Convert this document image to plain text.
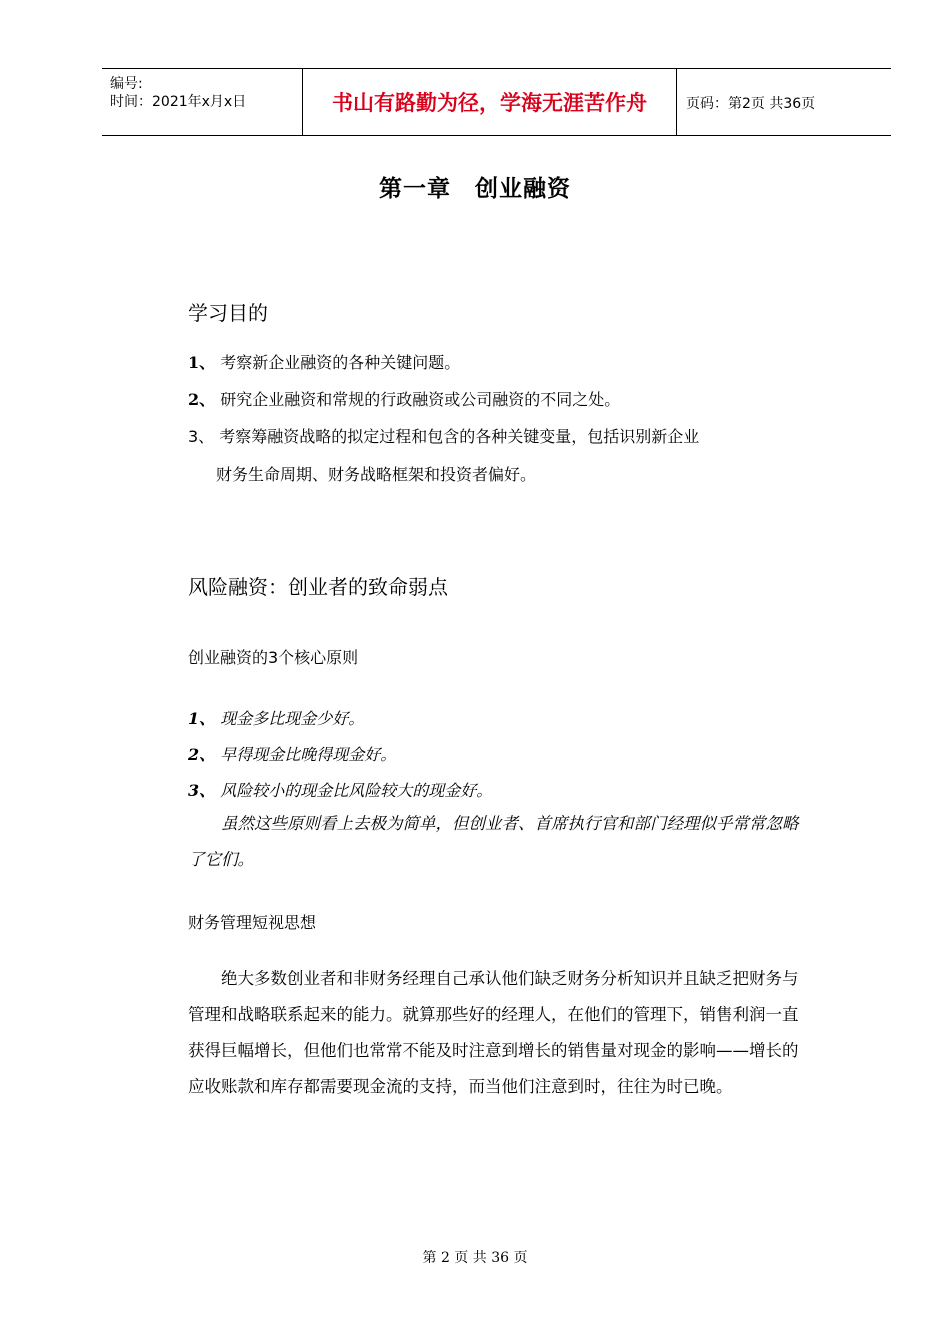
编号:
时间：2021年x月x日	书山有路勤为径，学海无涯苦作舟	页码：第2页 共36页
第一章　创业融资
学习目的
1、 考察新企业融资的各种关键问题。
2、 研究企业融资和常规的行政融资或公司融资的不同之处。
3、 考察筹融资战略的拟定过程和包含的各种关键变量，包括识别新企业
财务生命周期、财务战略框架和投资者偏好。
风险融资：创业者的致命弱点
创业融资的3个核心原则
1、 现金多比现金少好。
2、 早得现金比晚得现金好。
3、 风险较小的现金比风险较大的现金好。
虽然这些原则看上去极为简单，但创业者、首席执行官和部门经理似乎常常忽略了它们。
财务管理短视思想
绝大多数创业者和非财务经理自己承认他们缺乏财务分析知识并且缺乏把财务与管理和战略联系起来的能力。就算那些好的经理人，在他们的管理下，销售利润一直获得巨幅增长，但他们也常常不能及时注意到增长的销售量对现金的影响——增长的应收账款和库存都需要现金流的支持，而当他们注意到时，往往为时已晚。
第 2 页 共 36 页
